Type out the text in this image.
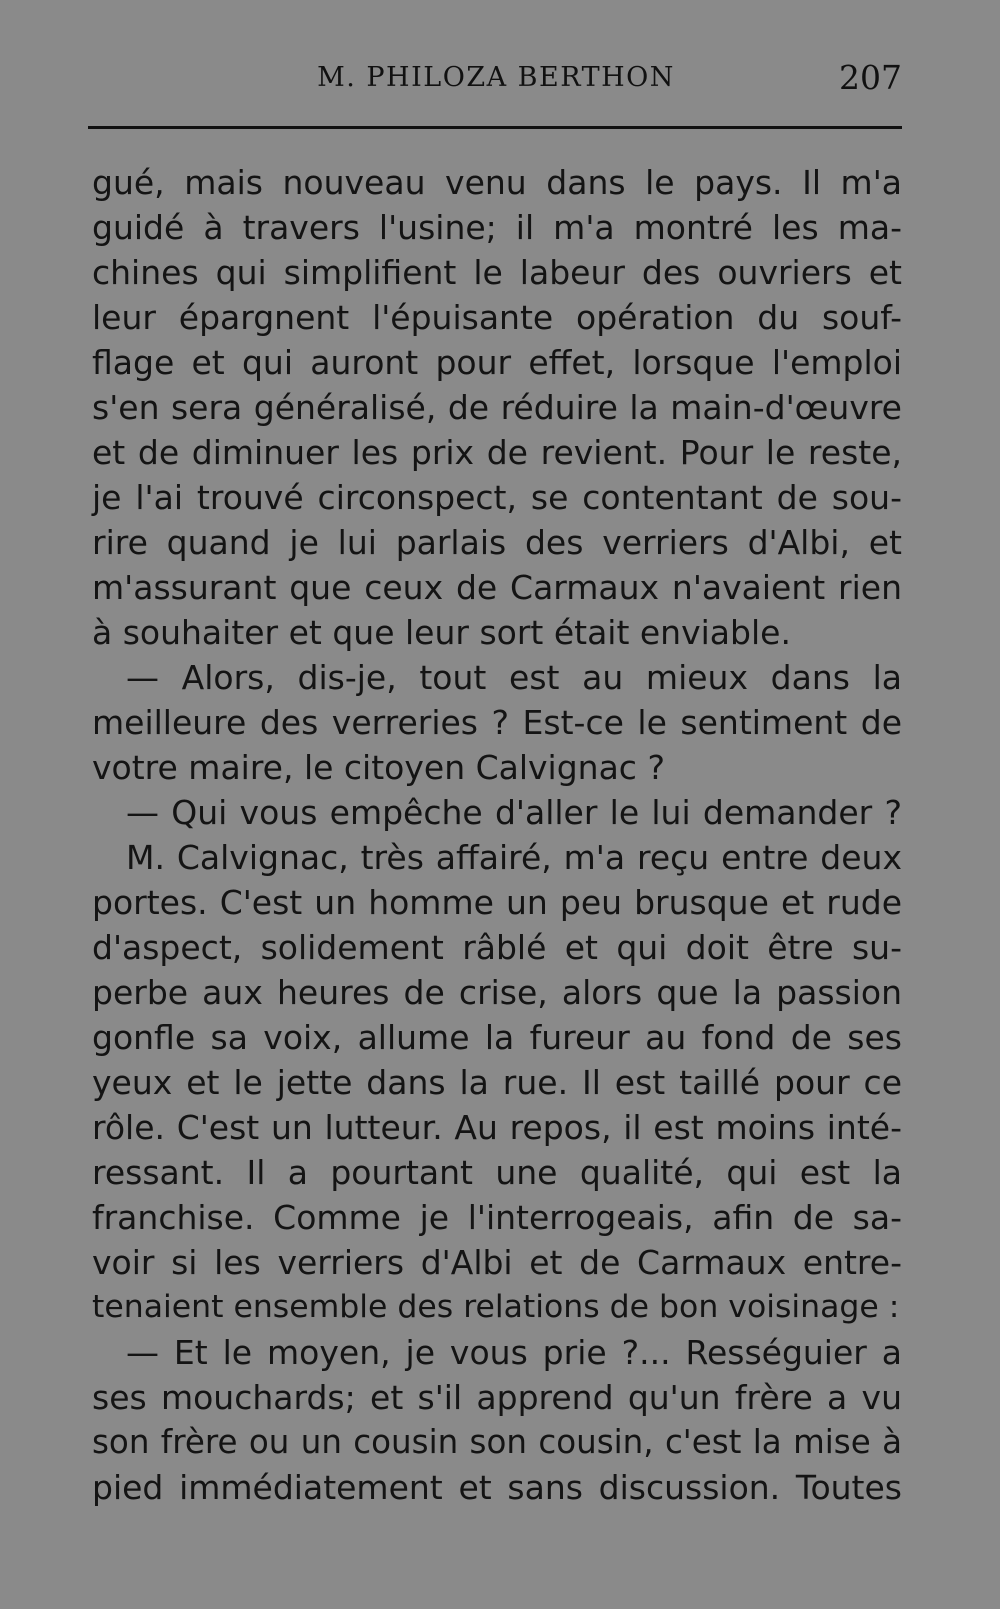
M. PHILOZA BERTHON	207
gué, mais nouveau venu dans le pays. Il m'a
guidé à travers l'usine; il m'a montré les ma-
chines qui simplifient le labeur des ouvriers et
leur épargnent l'épuisante opération du souf-
flage et qui auront pour effet, lorsque l'emploi
s'en sera généralisé, de réduire la main-d'œuvre
et de diminuer les prix de revient. Pour le reste,
je l'ai trouvé circonspect, se contentant de sou-
rire quand je lui parlais des verriers d'Albi, et
m'assurant que ceux de Carmaux n'avaient rien
à souhaiter et que leur sort était enviable.
— Alors, dis-je, tout est au mieux dans la
meilleure des verreries ? Est-ce le sentiment de
votre maire, le citoyen Calvignac ?
— Qui vous empêche d'aller le lui demander ?
M. Calvignac, très affairé, m'a reçu entre deux
portes. C'est un homme un peu brusque et rude
d'aspect, solidement râblé et qui doit être su-
perbe aux heures de crise, alors que la passion
gonfle sa voix, allume la fureur au fond de ses
yeux et le jette dans la rue. Il est taillé pour ce
rôle. C'est un lutteur. Au repos, il est moins inté-
ressant. Il a pourtant une qualité, qui est la
franchise. Comme je l'interrogeais, afin de sa-
voir si les verriers d'Albi et de Carmaux entre-
tenaient ensemble des relations de bon voisinage :
— Et le moyen, je vous prie ?... Rességuier a
ses mouchards; et s'il apprend qu'un frère a vu
son frère ou un cousin son cousin, c'est la mise à
pied immédiatement et sans discussion. Toutes
